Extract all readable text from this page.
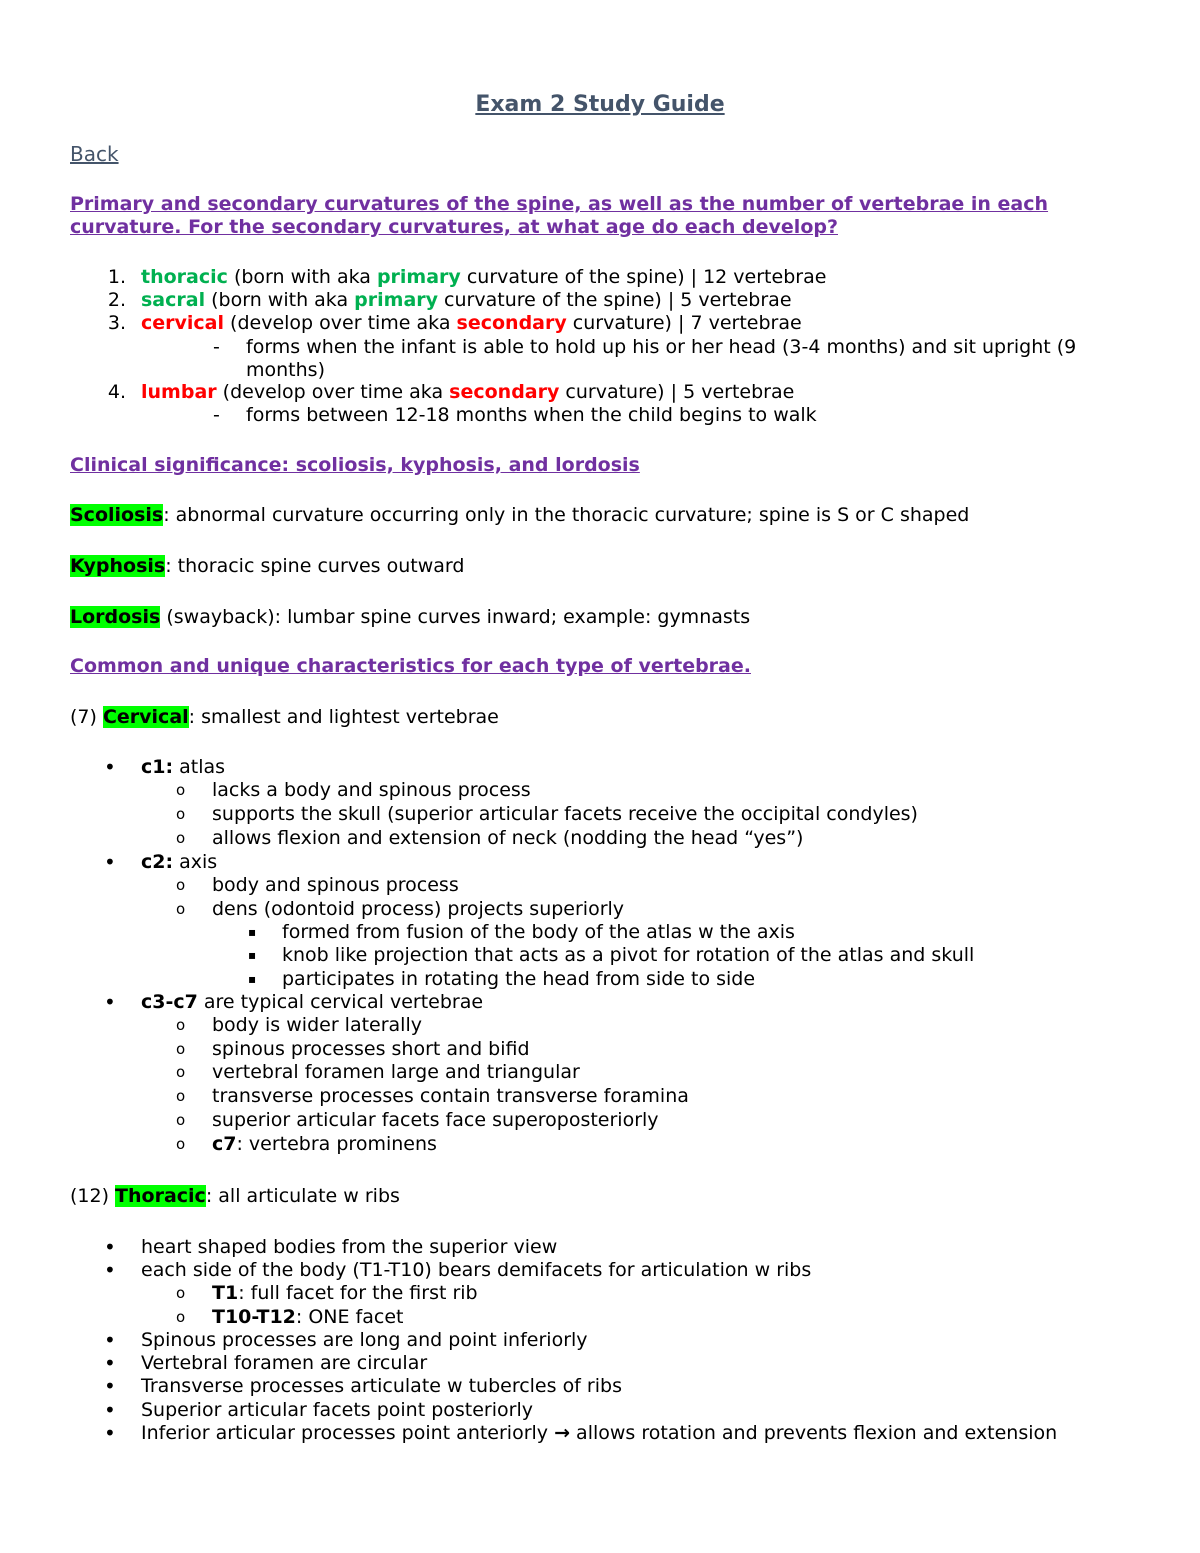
Exam 2 Study Guide
Back
Primary and secondary curvatures of the spine, as well as the number of vertebrae in each
curvature. For the secondary curvatures, at what age do each develop?
1. thoracic (born with aka primary curvature of the spine) | 12 vertebrae
2. sacral (born with aka primary curvature of the spine) | 5 vertebrae
3. cervical (develop over time aka secondary curvature) | 7 vertebrae
- forms when the infant is able to hold up his or her head (3-4 months) and sit upright (9
months)
4. lumbar (develop over time aka secondary curvature) | 5 vertebrae
- forms between 12-18 months when the child begins to walk
Clinical significance: scoliosis, kyphosis, and lordosis
Scoliosis: abnormal curvature occurring only in the thoracic curvature; spine is S or C shaped
Kyphosis: thoracic spine curves outward
Lordosis (swayback): lumbar spine curves inward; example: gymnasts
Common and unique characteristics for each type of vertebrae.
(7) Cervical: smallest and lightest vertebrae
• c1: atlas
o lacks a body and spinous process
o supports the skull (superior articular facets receive the occipital condyles)
o allows flexion and extension of neck (nodding the head “yes”)
• c2: axis
o body and spinous process
o dens (odontoid process) projects superiorly
▪ formed from fusion of the body of the atlas w the axis
▪ knob like projection that acts as a pivot for rotation of the atlas and skull
▪ participates in rotating the head from side to side
• c3-c7 are typical cervical vertebrae
o body is wider laterally
o spinous processes short and bifid
o vertebral foramen large and triangular
o transverse processes contain transverse foramina
o superior articular facets face superoposteriorly
o c7: vertebra prominens
(12) Thoracic: all articulate w ribs
• heart shaped bodies from the superior view
• each side of the body (T1-T10) bears demifacets for articulation w ribs
o T1: full facet for the first rib
o T10-T12: ONE facet
• Spinous processes are long and point inferiorly
• Vertebral foramen are circular
• Transverse processes articulate w tubercles of ribs
• Superior articular facets point posteriorly
• Inferior articular processes point anteriorly → allows rotation and prevents flexion and extension
